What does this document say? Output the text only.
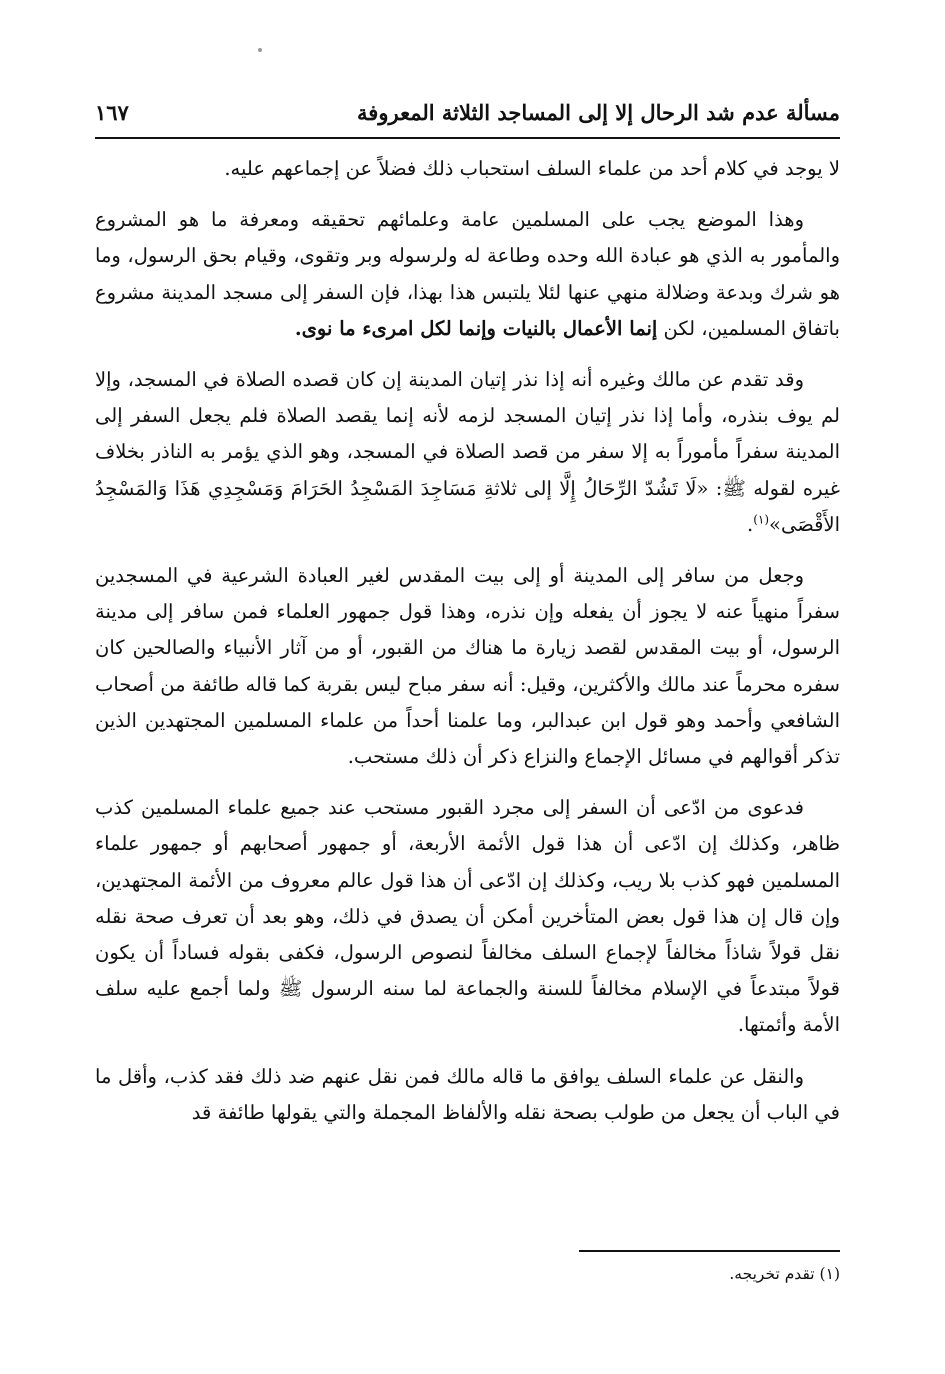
مسألة عدم شد الرحال إلا إلى المساجد الثلاثة المعروفة
١٦٧

لا يوجد في كلام أحد من علماء السلف استحباب ذلك فضلاً عن إجماعهم عليه.

وهذا الموضع يجب على المسلمين عامة وعلمائهم تحقيقه ومعرفة ما هو المشروع والمأمور به الذي هو عبادة الله وحده وطاعة له ولرسوله وبر وتقوى، وقيام بحق الرسول، وما هو شرك وبدعة وضلالة منهي عنها لئلا يلتبس هذا بهذا، فإن السفر إلى مسجد المدينة مشروع باتفاق المسلمين، لكن إنما الأعمال بالنيات وإنما لكل امرىء ما نوى.

وقد تقدم عن مالك وغيره أنه إذا نذر إتيان المدينة إن كان قصده الصلاة في المسجد، وإلا لم يوف بنذره، وأما إذا نذر إتيان المسجد لزمه لأنه إنما يقصد الصلاة فلم يجعل السفر إلى المدينة سفراً مأموراً به إلا سفر من قصد الصلاة في المسجد، وهو الذي يؤمر به الناذر بخلاف غيره لقوله ﷺ: «لَا تَشُدّ الرِّحَالُ إِلَّا إلى ثلاثةِ مَسَاجِدَ المَسْجِدُ الحَرَامَ وَمَسْجِدِي هَذَا وَالمَسْجِدُ الأَقْصَى»$^{(١)}$.

وجعل من سافر إلى المدينة أو إلى بيت المقدس لغير العبادة الشرعية في المسجدين سفراً منهياً عنه لا يجوز أن يفعله وإن نذره، وهذا قول جمهور العلماء فمن سافر إلى مدينة الرسول، أو بيت المقدس لقصد زيارة ما هناك من القبور، أو من آثار الأنبياء والصالحين كان سفره محرماً عند مالك والأكثرين، وقيل: أنه سفر مباح ليس بقربة كما قاله طائفة من أصحاب الشافعي وأحمد وهو قول ابن عبدالبر، وما علمنا أحداً من علماء المسلمين المجتهدين الذين تذكر أقوالهم في مسائل الإجماع والنزاع ذكر أن ذلك مستحب.

فدعوى من ادّعى أن السفر إلى مجرد القبور مستحب عند جميع علماء المسلمين كذب ظاهر، وكذلك إن ادّعى أن هذا قول الأئمة الأربعة، أو جمهور أصحابهم أو جمهور علماء المسلمين فهو كذب بلا ريب، وكذلك إن ادّعى أن هذا قول عالم معروف من الأئمة المجتهدين، وإن قال إن هذا قول بعض المتأخرين أمكن أن يصدق في ذلك، وهو بعد أن تعرف صحة نقله نقل قولاً شاذاً مخالفاً لإجماع السلف مخالفاً لنصوص الرسول، فكفى بقوله فساداً أن يكون قولاً مبتدعاً في الإسلام مخالفاً للسنة والجماعة لما سنه الرسول ﷺ ولما أجمع عليه سلف الأمة وأئمتها.

والنقل عن علماء السلف يوافق ما قاله مالك فمن نقل عنهم ضد ذلك فقد كذب، وأقل ما في الباب أن يجعل من طولب بصحة نقله والألفاظ المجملة والتي يقولها طائفة قد

(١) تقدم تخريجه.
